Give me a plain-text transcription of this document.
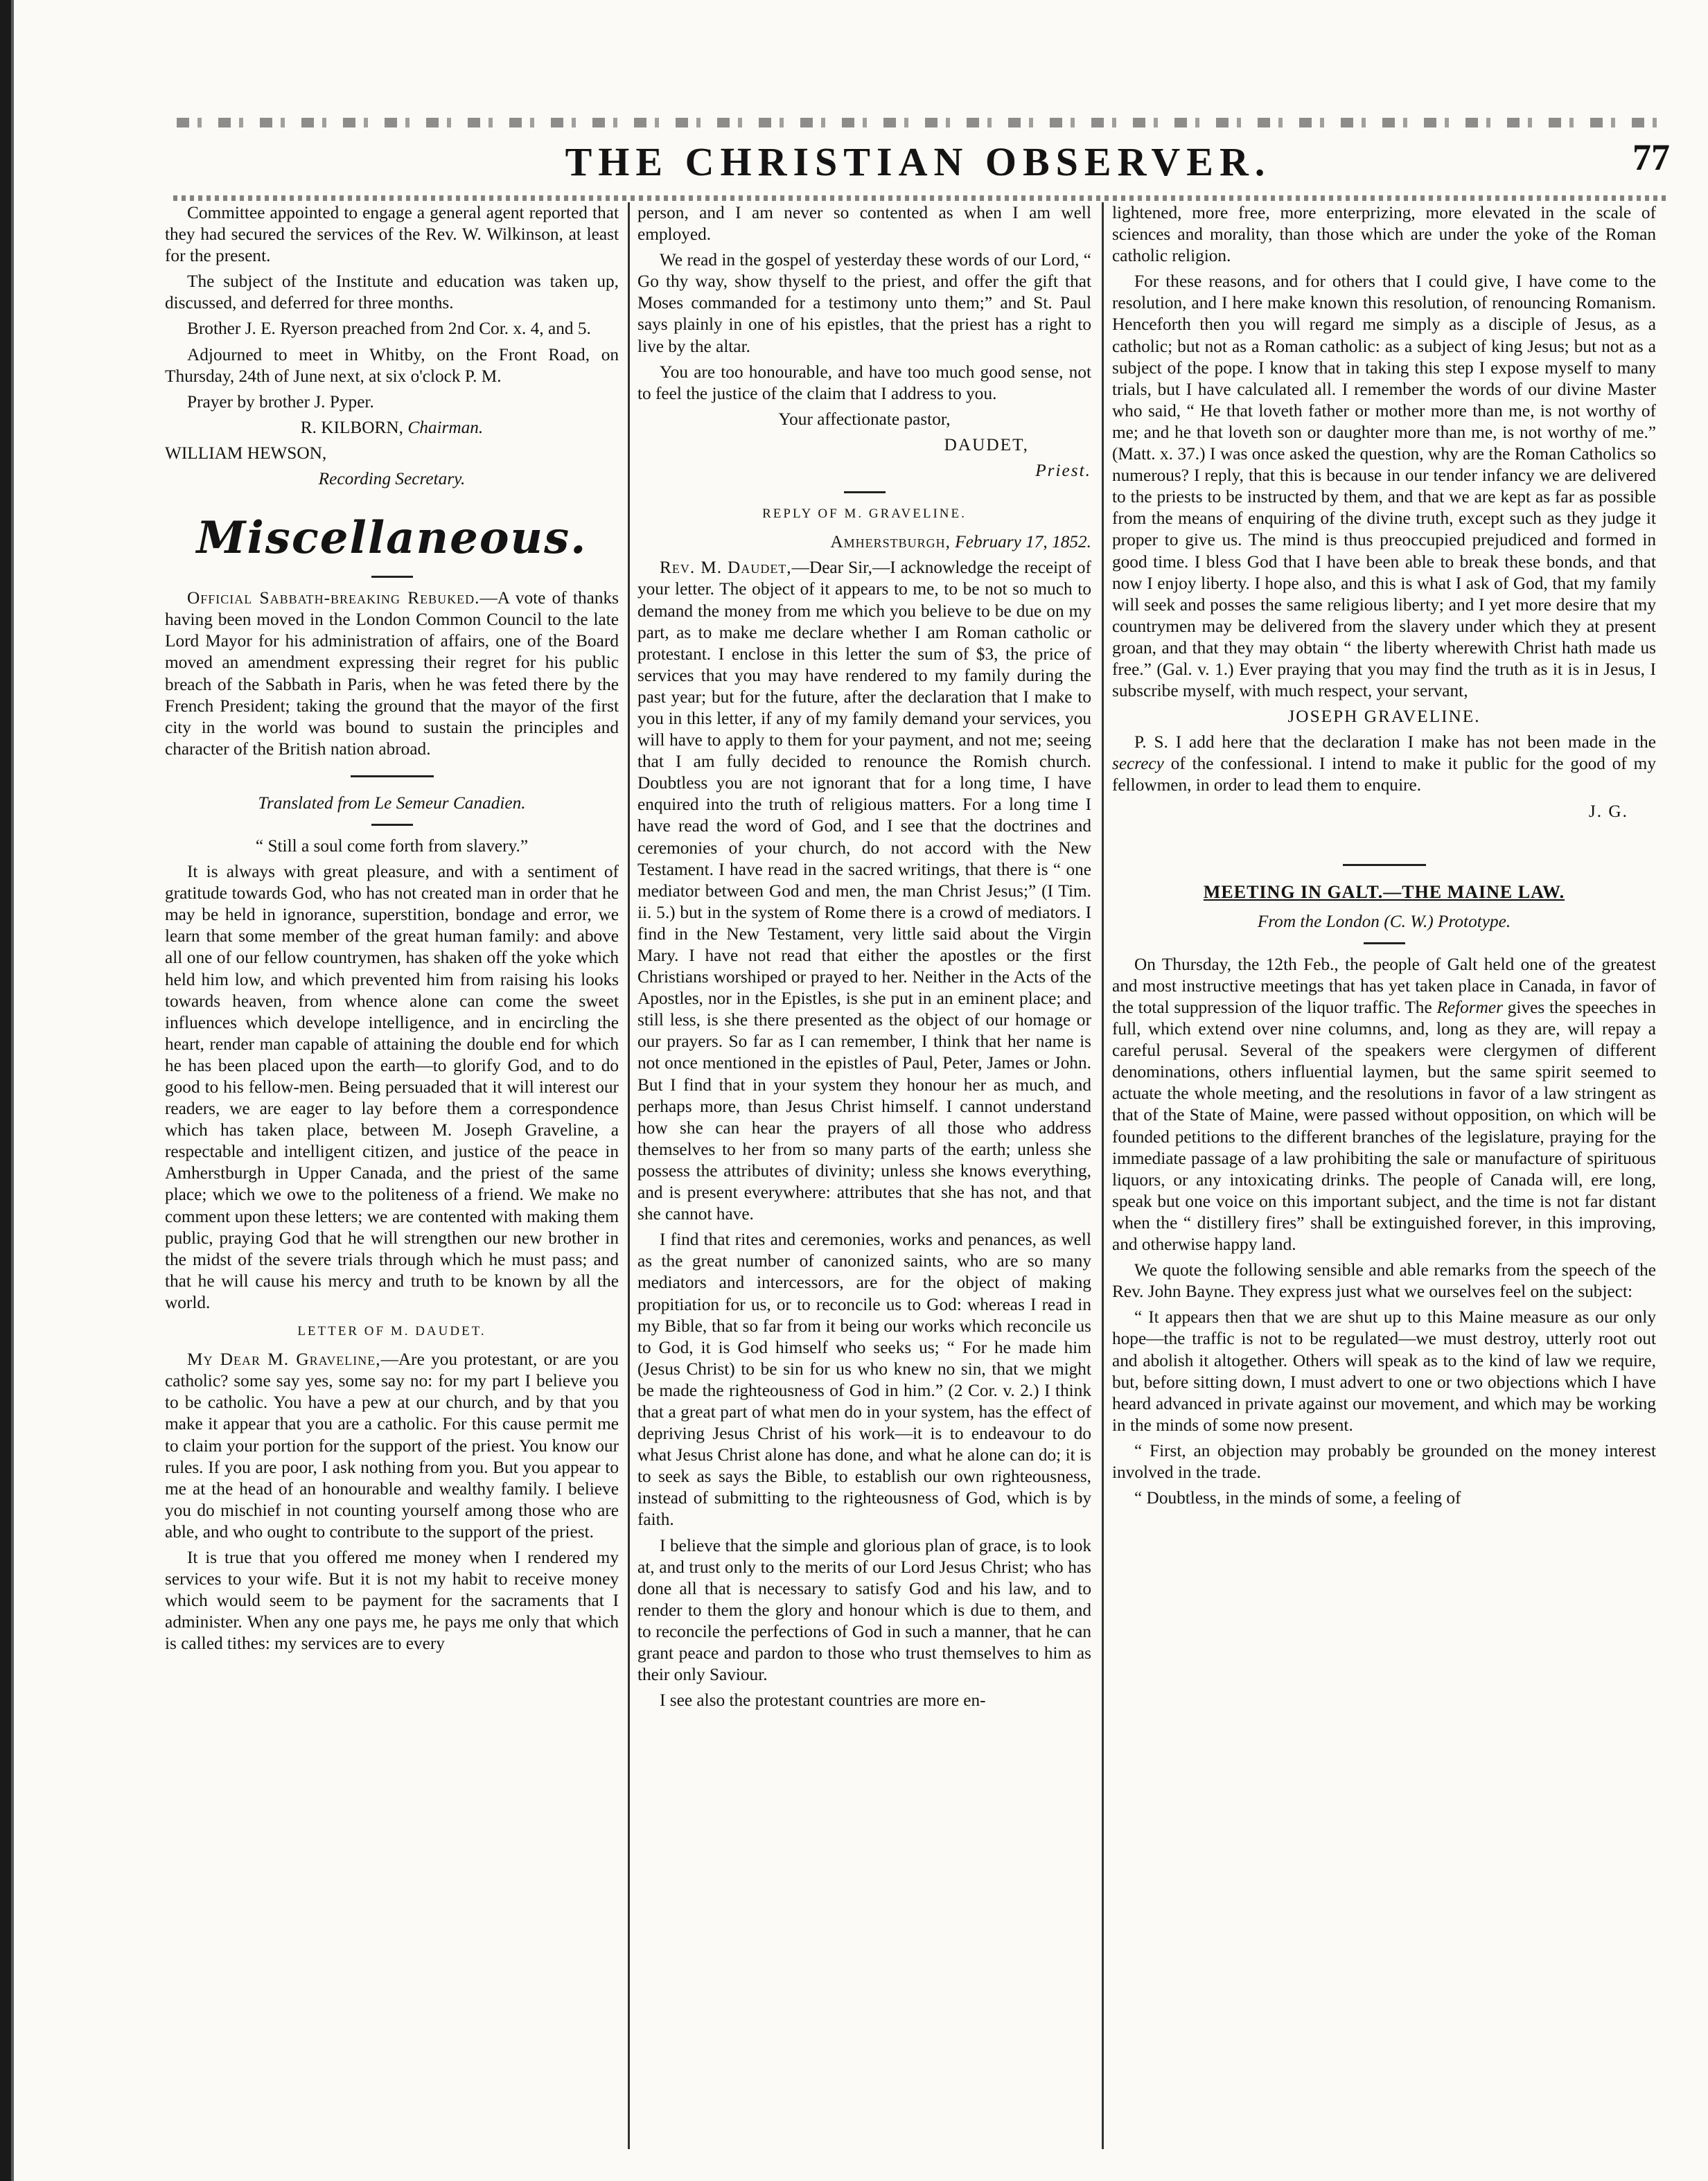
THE CHRISTIAN OBSERVER.	77

Committee appointed to engage a general agent reported that they had secured the services of the Rev. W. Wilkinson, at least for the present.

The subject of the Institute and education was taken up, discussed, and deferred for three months.

Brother J. E. Ryerson preached from 2nd Cor. x. 4, and 5.

Adjourned to meet in Whitby, on the Front Road, on Thursday, 24th of June next, at six o'clock P. M.

Prayer by brother J. Pyper.

R. KILBORN, Chairman.

WILLIAM HEWSON,

Recording Secretary.

Miscellaneous.

Official Sabbath-breaking Rebuked.—A vote of thanks having been moved in the London Common Council to the late Lord Mayor for his administration of affairs, one of the Board moved an amendment expressing their regret for his public breach of the Sabbath in Paris, when he was feted there by the French President; taking the ground that the mayor of the first city in the world was bound to sustain the principles and character of the British nation abroad.

Translated from Le Semeur Canadien.

“ Still a soul come forth from slavery.”

It is always with great pleasure, and with a sentiment of gratitude towards God, who has not created man in order that he may be held in ignorance, superstition, bondage and error, we learn that some member of the great human family: and above all one of our fellow countrymen, has shaken off the yoke which held him low, and which prevented him from raising his looks towards heaven, from whence alone can come the sweet influences which develope intelligence, and in encircling the heart, render man capable of attaining the double end for which he has been placed upon the earth—to glorify God, and to do good to his fellow-men. Being persuaded that it will interest our readers, we are eager to lay before them a correspondence which has taken place, between M. Joseph Graveline, a respectable and intelligent citizen, and justice of the peace in Amherstburgh in Upper Canada, and the priest of the same place; which we owe to the politeness of a friend. We make no comment upon these letters; we are contented with making them public, praying God that he will strengthen our new brother in the midst of the severe trials through which he must pass; and that he will cause his mercy and truth to be known by all the world.

LETTER OF M. DAUDET.

My Dear M. Graveline,—Are you protestant, or are you catholic? some say yes, some say no: for my part I believe you to be catholic. You have a pew at our church, and by that you make it appear that you are a catholic. For this cause permit me to claim your portion for the support of the priest. You know our rules. If you are poor, I ask nothing from you. But you appear to me at the head of an honourable and wealthy family. I believe you do mischief in not counting yourself among those who are able, and who ought to contribute to the support of the priest.

It is true that you offered me money when I rendered my services to your wife. But it is not my habit to receive money which would seem to be payment for the sacraments that I administer. When any one pays me, he pays me only that which is called tithes: my services are to every

person, and I am never so contented as when I am well employed.

We read in the gospel of yesterday these words of our Lord, “ Go thy way, show thyself to the priest, and offer the gift that Moses commanded for a testimony unto them;” and St. Paul says plainly in one of his epistles, that the priest has a right to live by the altar.

You are too honourable, and have too much good sense, not to feel the justice of the claim that I address to you.

Your affectionate pastor,

DAUDET,

Priest.

REPLY OF M. GRAVELINE.

Amherstburgh, February 17, 1852.

Rev. M. Daudet,—Dear Sir,—I acknowledge the receipt of your letter. The object of it appears to me, to be not so much to demand the money from me which you believe to be due on my part, as to make me declare whether I am Roman catholic or protestant. I enclose in this letter the sum of $3, the price of services that you may have rendered to my family during the past year; but for the future, after the declaration that I make to you in this letter, if any of my family demand your services, you will have to apply to them for your payment, and not me; seeing that I am fully decided to renounce the Romish church. Doubtless you are not ignorant that for a long time, I have enquired into the truth of religious matters. For a long time I have read the word of God, and I see that the doctrines and ceremonies of your church, do not accord with the New Testament. I have read in the sacred writings, that there is “ one mediator between God and men, the man Christ Jesus;” (I Tim. ii. 5.) but in the system of Rome there is a crowd of mediators. I find in the New Testament, very little said about the Virgin Mary. I have not read that either the apostles or the first Christians worshiped or prayed to her. Neither in the Acts of the Apostles, nor in the Epistles, is she put in an eminent place; and still less, is she there presented as the object of our homage or our prayers. So far as I can remember, I think that her name is not once mentioned in the epistles of Paul, Peter, James or John. But I find that in your system they honour her as much, and perhaps more, than Jesus Christ himself. I cannot understand how she can hear the prayers of all those who address themselves to her from so many parts of the earth; unless she possess the attributes of divinity; unless she knows everything, and is present everywhere: attributes that she has not, and that she cannot have.

I find that rites and ceremonies, works and penances, as well as the great number of canonized saints, who are so many mediators and intercessors, are for the object of making propitiation for us, or to reconcile us to God: whereas I read in my Bible, that so far from it being our works which reconcile us to God, it is God himself who seeks us; “ For he made him (Jesus Christ) to be sin for us who knew no sin, that we might be made the righteousness of God in him.” (2 Cor. v. 2.) I think that a great part of what men do in your system, has the effect of depriving Jesus Christ of his work—it is to endeavour to do what Jesus Christ alone has done, and what he alone can do; it is to seek as says the Bible, to establish our own righteousness, instead of submitting to the righteousness of God, which is by faith.

I believe that the simple and glorious plan of grace, is to look at, and trust only to the merits of our Lord Jesus Christ; who has done all that is necessary to satisfy God and his law, and to render to them the glory and honour which is due to them, and to reconcile the perfections of God in such a manner, that he can grant peace and pardon to those who trust themselves to him as their only Saviour.

I see also the protestant countries are more en-

lightened, more free, more enterprizing, more elevated in the scale of sciences and morality, than those which are under the yoke of the Roman catholic religion.

For these reasons, and for others that I could give, I have come to the resolution, and I here make known this resolution, of renouncing Romanism. Henceforth then you will regard me simply as a disciple of Jesus, as a catholic; but not as a Roman catholic: as a subject of king Jesus; but not as a subject of the pope. I know that in taking this step I expose myself to many trials, but I have calculated all. I remember the words of our divine Master who said, “ He that loveth father or mother more than me, is not worthy of me; and he that loveth son or daughter more than me, is not worthy of me.” (Matt. x. 37.) I was once asked the question, why are the Roman Catholics so numerous? I reply, that this is because in our tender infancy we are delivered to the priests to be instructed by them, and that we are kept as far as possible from the means of enquiring of the divine truth, except such as they judge it proper to give us. The mind is thus preoccupied prejudiced and formed in good time. I bless God that I have been able to break these bonds, and that now I enjoy liberty. I hope also, and this is what I ask of God, that my family will seek and posses the same religious liberty; and I yet more desire that my countrymen may be delivered from the slavery under which they at present groan, and that they may obtain “ the liberty wherewith Christ hath made us free.” (Gal. v. 1.) Ever praying that you may find the truth as it is in Jesus, I subscribe myself, with much respect, your servant,

JOSEPH GRAVELINE.

P. S. I add here that the declaration I make has not been made in the secrecy of the confessional. I intend to make it public for the good of my fellowmen, in order to lead them to enquire.

J. G.

MEETING IN GALT.—THE MAINE LAW.

From the London (C. W.) Prototype.

On Thursday, the 12th Feb., the people of Galt held one of the greatest and most instructive meetings that has yet taken place in Canada, in favor of the total suppression of the liquor traffic. The Reformer gives the speeches in full, which extend over nine columns, and, long as they are, will repay a careful perusal. Several of the speakers were clergymen of different denominations, others influential laymen, but the same spirit seemed to actuate the whole meeting, and the resolutions in favor of a law stringent as that of the State of Maine, were passed without opposition, on which will be founded petitions to the different branches of the legislature, praying for the immediate passage of a law prohibiting the sale or manufacture of spirituous liquors, or any intoxicating drinks. The people of Canada will, ere long, speak but one voice on this important subject, and the time is not far distant when the “ distillery fires” shall be extinguished forever, in this improving, and otherwise happy land.

We quote the following sensible and able remarks from the speech of the Rev. John Bayne. They express just what we ourselves feel on the subject:

“ It appears then that we are shut up to this Maine measure as our only hope—the traffic is not to be regulated—we must destroy, utterly root out and abolish it altogether. Others will speak as to the kind of law we require, but, before sitting down, I must advert to one or two objections which I have heard advanced in private against our movement, and which may be working in the minds of some now present.

“ First, an objection may probably be grounded on the money interest involved in the trade.

“ Doubtless, in the minds of some, a feeling of
